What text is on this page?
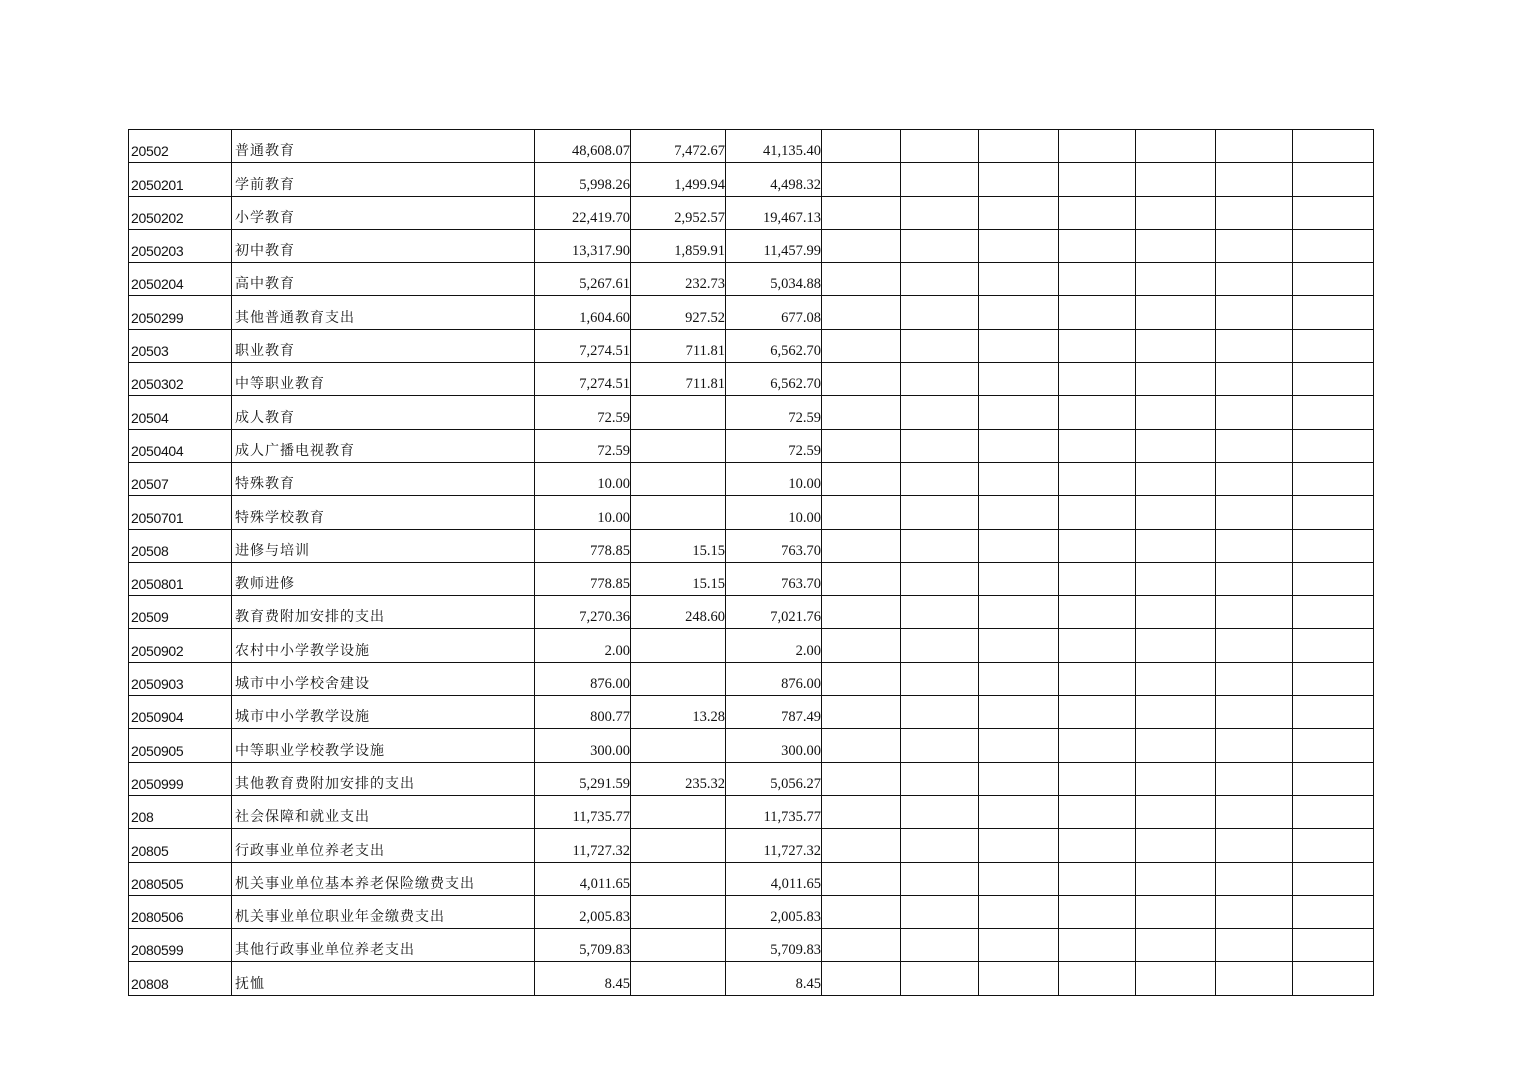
20502	普通教育	48,608.07	7,472.67	41,135.40							
2050201	学前教育	5,998.26	1,499.94	4,498.32							
2050202	小学教育	22,419.70	2,952.57	19,467.13							
2050203	初中教育	13,317.90	1,859.91	11,457.99							
2050204	高中教育	5,267.61	232.73	5,034.88							
2050299	其他普通教育支出	1,604.60	927.52	677.08							
20503	职业教育	7,274.51	711.81	6,562.70							
2050302	中等职业教育	7,274.51	711.81	6,562.70							
20504	成人教育	72.59		72.59							
2050404	成人广播电视教育	72.59		72.59							
20507	特殊教育	10.00		10.00							
2050701	特殊学校教育	10.00		10.00							
20508	进修与培训	778.85	15.15	763.70							
2050801	教师进修	778.85	15.15	763.70							
20509	教育费附加安排的支出	7,270.36	248.60	7,021.76							
2050902	农村中小学教学设施	2.00		2.00							
2050903	城市中小学校舍建设	876.00		876.00							
2050904	城市中小学教学设施	800.77	13.28	787.49							
2050905	中等职业学校教学设施	300.00		300.00							
2050999	其他教育费附加安排的支出	5,291.59	235.32	5,056.27							
208	社会保障和就业支出	11,735.77		11,735.77							
20805	行政事业单位养老支出	11,727.32		11,727.32							
2080505	机关事业单位基本养老保险缴费支出	4,011.65		4,011.65							
2080506	机关事业单位职业年金缴费支出	2,005.83		2,005.83							
2080599	其他行政事业单位养老支出	5,709.83		5,709.83							
20808	抚恤	8.45		8.45							
